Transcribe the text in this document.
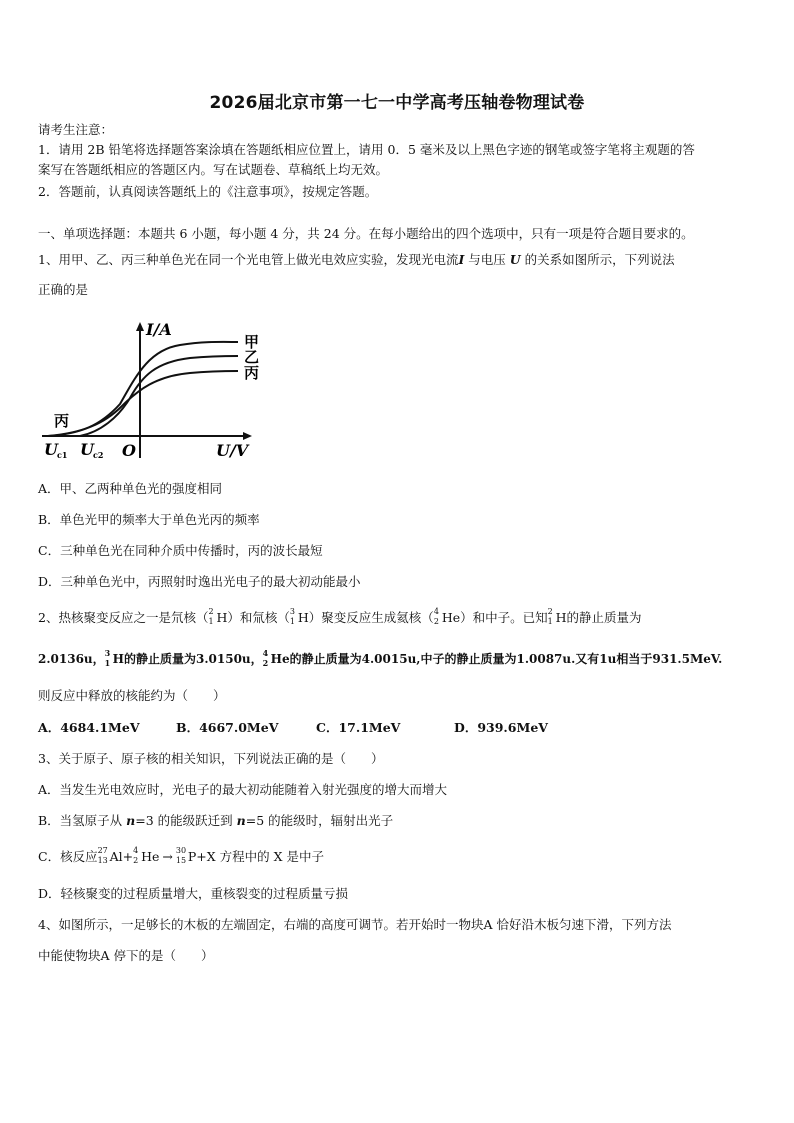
2026届北京市第一七一中学高考压轴卷物理试卷
请考生注意：
1．请用 2B 铅笔将选择题答案涂填在答题纸相应位置上，请用 0．5 毫米及以上黑色字迹的钢笔或签字笔将主观题的答
案写在答题纸相应的答题区内。写在试题卷、草稿纸上均无效。
2．答题前，认真阅读答题纸上的《注意事项》，按规定答题。
一、单项选择题：本题共 6 小题，每小题 4 分，共 24 分。在每小题给出的四个选项中，只有一项是符合题目要求的。
1、用甲、乙、丙三种单色光在同一个光电管上做光电效应实验，发现光电流I 与电压 U 的关系如图所示，下列说法
正确的是
I/A
U/V
O
U c1 U c2
甲
乙
丙
丙
A．甲、乙两种单色光的强度相同
B．单色光甲的频率大于单色光丙的频率
C．三种单色光在同种介质中传播时，丙的波长最短
D．三种单色光中，丙照射时逸出光电子的最大初动能最小
2、热核聚变反应之一是氘核（ 2
1 H）和氚核（ 3
1 H）聚变反应生成氦核（ 4
2 He）和中子。已知 2
1 H的静止质量为
2.0136u， 3
1 H的静止质量为3.0150u， 4
2 He的静止质量为4.0015u,中子的静止质量为1.0087u.又有1u相当于931.5MeV.
则反应中释放的核能约为（　　）
A．4684.1MeV	B．4667.0MeV	C．17.1MeV	D．939.6MeV
3、关于原子、原子核的相关知识，下列说法正确的是（　　）
A．当发生光电效应时，光电子的最大初动能随着入射光强度的增大而增大
B．当氢原子从 n=3 的能级跃迁到 n=5 的能级时，辐射出光子
C．核反应 27
13 Al+ 4
2 He → 30
15 P+X 方程中的 X 是中子
D．轻核聚变的过程质量增大，重核裂变的过程质量亏损
4、如图所示，一足够长的木板的左端固定，右端的高度可调节。若开始时一物块A 恰好沿木板匀速下滑，下列方法
中能使物块A 停下的是（　　）
